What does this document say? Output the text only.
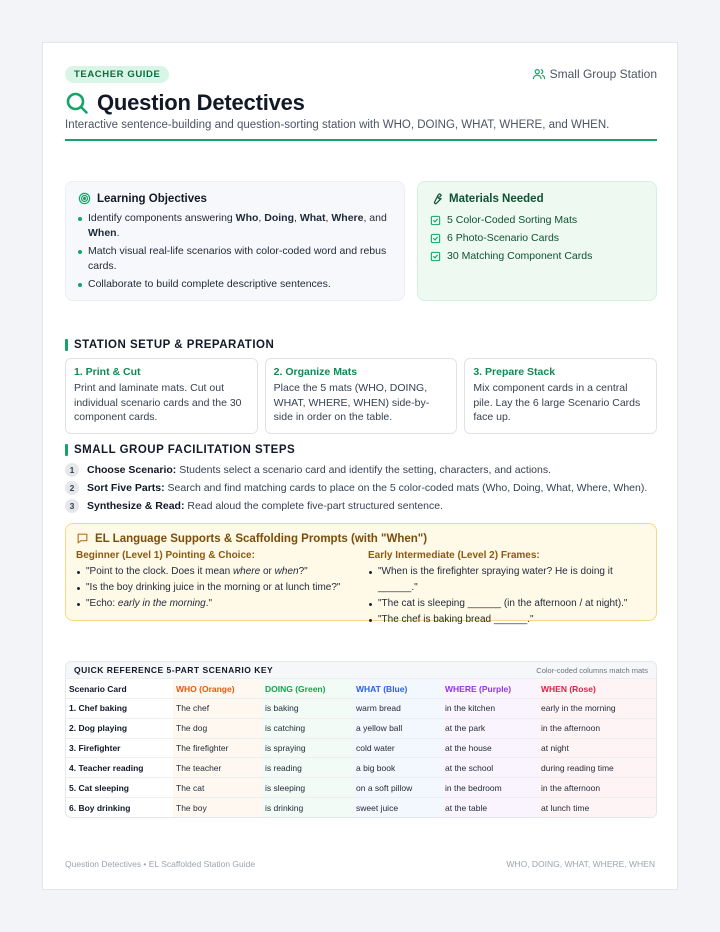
TEACHER GUIDE	Small Group Station
Question Detectives

Interactive sentence-building and question-sorting station with WHO, DOING, WHAT, WHERE, and WHEN.

Learning Objectives
Identify components answering Who, Doing, What, Where, and When.
Match visual real-life scenarios with color-coded word and rebus cards.
Collaborate to build complete descriptive sentences.
Materials Needed
5 Color-Coded Sorting Mats
6 Photo-Scenario Cards
30 Matching Component Cards
STATION SETUP & PREPARATION
1. Print & Cut
Print and laminate mats. Cut out individual scenario cards and the 30 component cards.
2. Organize Mats
Place the 5 mats (WHO, DOING, WHAT, WHERE, WHEN) side-by-side in order on the table.
3. Prepare Stack
Mix component cards in a central pile. Lay the 6 large Scenario Cards face up.
SMALL GROUP FACILITATION STEPS
1	Choose Scenario: Students select a scenario card and identify the setting, characters, and actions.
2	Sort Five Parts: Search and find matching cards to place on the 5 color-coded mats (Who, Doing, What, Where, When).
3	Synthesize & Read: Read aloud the complete five-part structured sentence.
EL Language Supports & Scaffolding Prompts (with "When")
Beginner (Level 1) Pointing & Choice:
"Point to the clock. Does it mean where or when?"
"Is the boy drinking juice in the morning or at lunch time?"
"Echo: early in the morning."
Early Intermediate (Level 2) Frames:
"When is the firefighter spraying water? He is doing it ______."
"The cat is sleeping ______ (in the afternoon / at night)."
"The chef is baking bread ______."
QUICK REFERENCE 5-PART SCENARIO KEY	Color-coded columns match mats
Scenario Card	WHO (Orange)	DOING (Green)	WHAT (Blue)	WHERE (Purple)	WHEN (Rose)
1. Chef baking	The chef	is baking	warm bread	in the kitchen	early in the morning
2. Dog playing	The dog	is catching	a yellow ball	at the park	in the afternoon
3. Firefighter	The firefighter	is spraying	cold water	at the house	at night
4. Teacher reading	The teacher	is reading	a big book	at the school	during reading time
5. Cat sleeping	The cat	is sleeping	on a soft pillow	in the bedroom	in the afternoon
6. Boy drinking	The boy	is drinking	sweet juice	at the table	at lunch time
Question Detectives • EL Scaffolded Station Guide	WHO, DOING, WHAT, WHERE, WHEN
